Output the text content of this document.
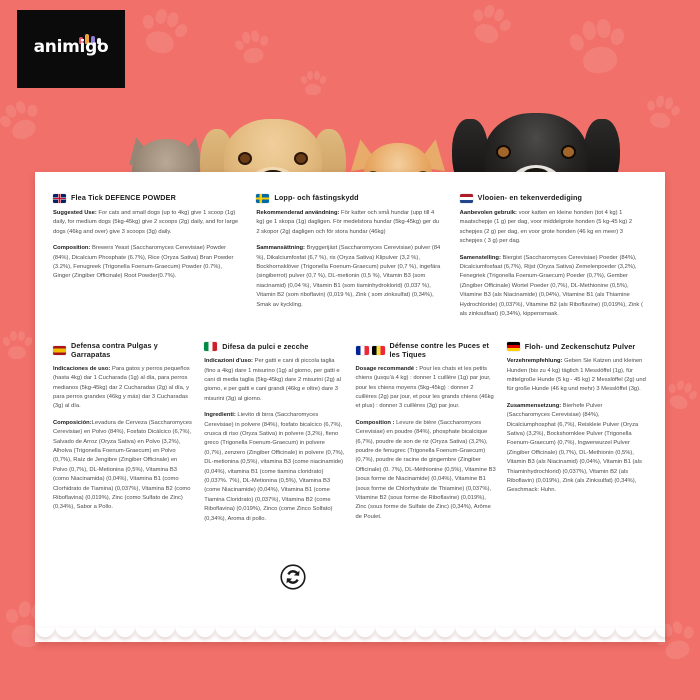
animigo
Flea Tick DEFENCE POWDER

Suggested Use: For cats and small dogs (up to 4kg) give 1 scoop (1g) daily, for medium dogs (5kg-45kg) give 2 scoops (2g) daily, and for large dogs (46kg and over) give 3 scoops (3g) daily.

Composition: Brewers Yeast (Saccharomyces Cerevisiae) Powder (84%), Dicalcium Phosphate (6.7%), Rice (Oryza Sativa) Bran Powder (3.2%), Fenugreek (Trigonella Foenum-Graecum) Powder (0.7%), Ginger (Zingiber Officinale) Root Powder(0.7%).

Lopp- och fästingskydd

Rekommenderad användning: För katter och små hundar (upp till 4 kg) ge 1 skopa (1g) dagligen. För medelstora hundar (5kg-45kg) ger du 2 skopor (2g) dagligen och för stora hundar (46kg)

Sammansättning: Bryggerijäst (Saccharomyces Cerevisiae) pulver (84 %), Dikalciumfosfat (6,7 %), ris (Oryza Sativa) Klipulver (3,2 %), Bockhornsklöver (Trigonella Foenum-Graecum) pulver (0,7 %), ingefära (singiberrot) pulver (0,7 %), DL-metionin (0,5 %), Vitamin B3 (som niacinamid) (0,04 %), Vitamin B1 (som tiaminhydroklorid) (0,037 %), Vitamin B2 (som riboflavin) (0,019 %), Zink ( som zinksulfat) (0,34%), Smak av kyckling.

Vlooien- en tekenverdediging

Aanbevolen gebruik: voor katten en kleine honden (tot 4 kg) 1 maatschepje (1 g) per dag, voor middelgrote honden (5 kg-45 kg) 2 schepjes (2 g) per dag, en voor grote honden (46 kg en meer) 3 schepjes ( 3 g) per dag.

Samenstelling: Biergist (Saccharomyces Cerevisiae) Poeder (84%), Dicalciumfosfaat (6,7%), Rijst (Oryza Sativa) Zemelenpoeder (3,2%), Fenegriek (Trigonella Foenum-Graecum) Poeder (0,7%), Gember (Zingiber Officinale) Wortel Poeder (0,7%), DL-Methionine (0,5%), Vitamine B3 (als Niacinamide) (0,04%), Vitamine B1 (als Thiamine Hydrochloride) (0,037%), Vitamine B2 (als Riboflavine) (0,019%), Zink ( als zinksulfaat) (0,34%), kippensmaak.

Defensa contra Pulgas y Garrapatas

Indicaciones de uso: Para gatos y perros pequeños (hasta 4kg) dar 1 Cucharada (1g) al día, para perros medianos (5kg-45kg) dar 2 Cucharadas (2g) al día, y para perros grandes (46kg y más) dar 3 Cucharadas (3g) al día.

Composición:Levadura de Cerveza (Saccharomyces Cerevisiae) en Polvo (84%), Fosfato Dicálcico (6,7%), Salvado de Arroz (Oryza Sativa) en Polvo (3,2%), Alholva (Trigonella Foenum-Graecum) en Polvo (0,7%), Raíz de Jengibre (Zingiber Officinale) en Polvo (0,7%), DL-Metionina (0,5%), Vitamina B3 (como Niacinamida) (0,04%), Vitamina B1 (como Clorhidrato de Tiamina) (0,037%), Vitamina B2 (como Riboflavina) (0,019%), Zinc (como Sulfato de Zinc) (0,34%), Sabor a Pollo.

Difesa da pulci e zecche

Indicazioni d'uso: Per gatti e cani di piccola taglia (fino a 4kg) dare 1 misurino (1g) al giorno, per gatti e cani di media taglia (5kg-45kg) dare 2 misurini (2g) al giorno, e per gatti e cani grandi (46kg e oltre) dare 3 misurini (3g) al giorno.

Ingredienti: Lievito di birra (Saccharomyces Cerevisiae) in polvere (84%), fosfato bicalcico (6,7%), crusca di riso (Oryza Sativa) in polvere (3,2%), fieno greco (Trigonella Foenum-Graecum) in polvere (0,7%), zenzero (Zingiber Officinale) in polvere (0,7%), DL-metionina (0,5%), vitamina B3 (come niacinamide) (0,04%), vitamina B1 (come tiamina cloridrato) (0,037%. 7%), DL-Metionina (0,5%), Vitamina B3 (come Niacinamide) (0,04%), Vitamina B1 (come Tiamina Cloridrato) (0,037%), Vitamina B2 (come Riboflavina) (0,019%), Zinco (come Zinco Solfato) (0,34%), Aroma di pollo.

Défense contre les Puces et les Tiques

Dosage recommandé : Pour les chats et les petits chiens (jusqu'à 4 kg) : donner 1 cuillère (1g) par jour, pour les chiens moyens (5kg-45kg) : donner 2 cuillères (2g) par jour, et pour les grands chiens (46kg et plus) : donner 3 cuillères (3g) par jour.

Composition : Levure de bière (Saccharomyces Cerevisiae) en poudre (84%), phosphate bicalcique (6,7%), poudre de son de riz (Oryza Sativa) (3,2%), poudre de fenugrec (Trigonella Foenum-Graecum) (0,7%), poudre de racine de gingembre (Zingiber Officinale) (0. 7%), DL-Méthionine (0,5%), Vitamine B3 (sous forme de Niacinamide) (0,04%), Vitamine B1 (sous forme de Chlorhydrate de Thiamine) (0,037%), Vitamine B2 (sous forme de Riboflavine) (0,019%), Zinc (sous forme de Sulfate de Zinc) (0,34%), Arôme de Poulet.

Floh- und Zeckenschutz Pulver

Verzehrempfehlung: Geben Sie Katzen und kleinen Hunden (bis zu 4 kg) täglich 1 Messlöffel (1g), für mittelgroße Hunde (5 kg - 45 kg) 2 Messlöffel (2g) und für große Hunde (46 kg und mehr) 3 Messlöffel (3g).

Zusammensetzung: Bierhefe Pulver (Saccharomyces Cerevisiae) (84%), Dicalciumphosphat (6,7%), Reiskleie Pulver (Oryza Sativa) (3,2%), Bockshornklee Pulver (Trigonella Foenum-Graecum) (0,7%), Ingwerwurzel Pulver (Zingiber Officinale) (0,7%), DL-Methionin (0,5%), Vitamin B3 (als Niacinamid) (0,04%), Vitamin B1 (als Thiaminhydrochlorid) (0,037%), Vitamin B2 (als Riboflavin) (0,019%), Zink (als Zinksulfat) (0,34%), Geschmack: Huhn.
